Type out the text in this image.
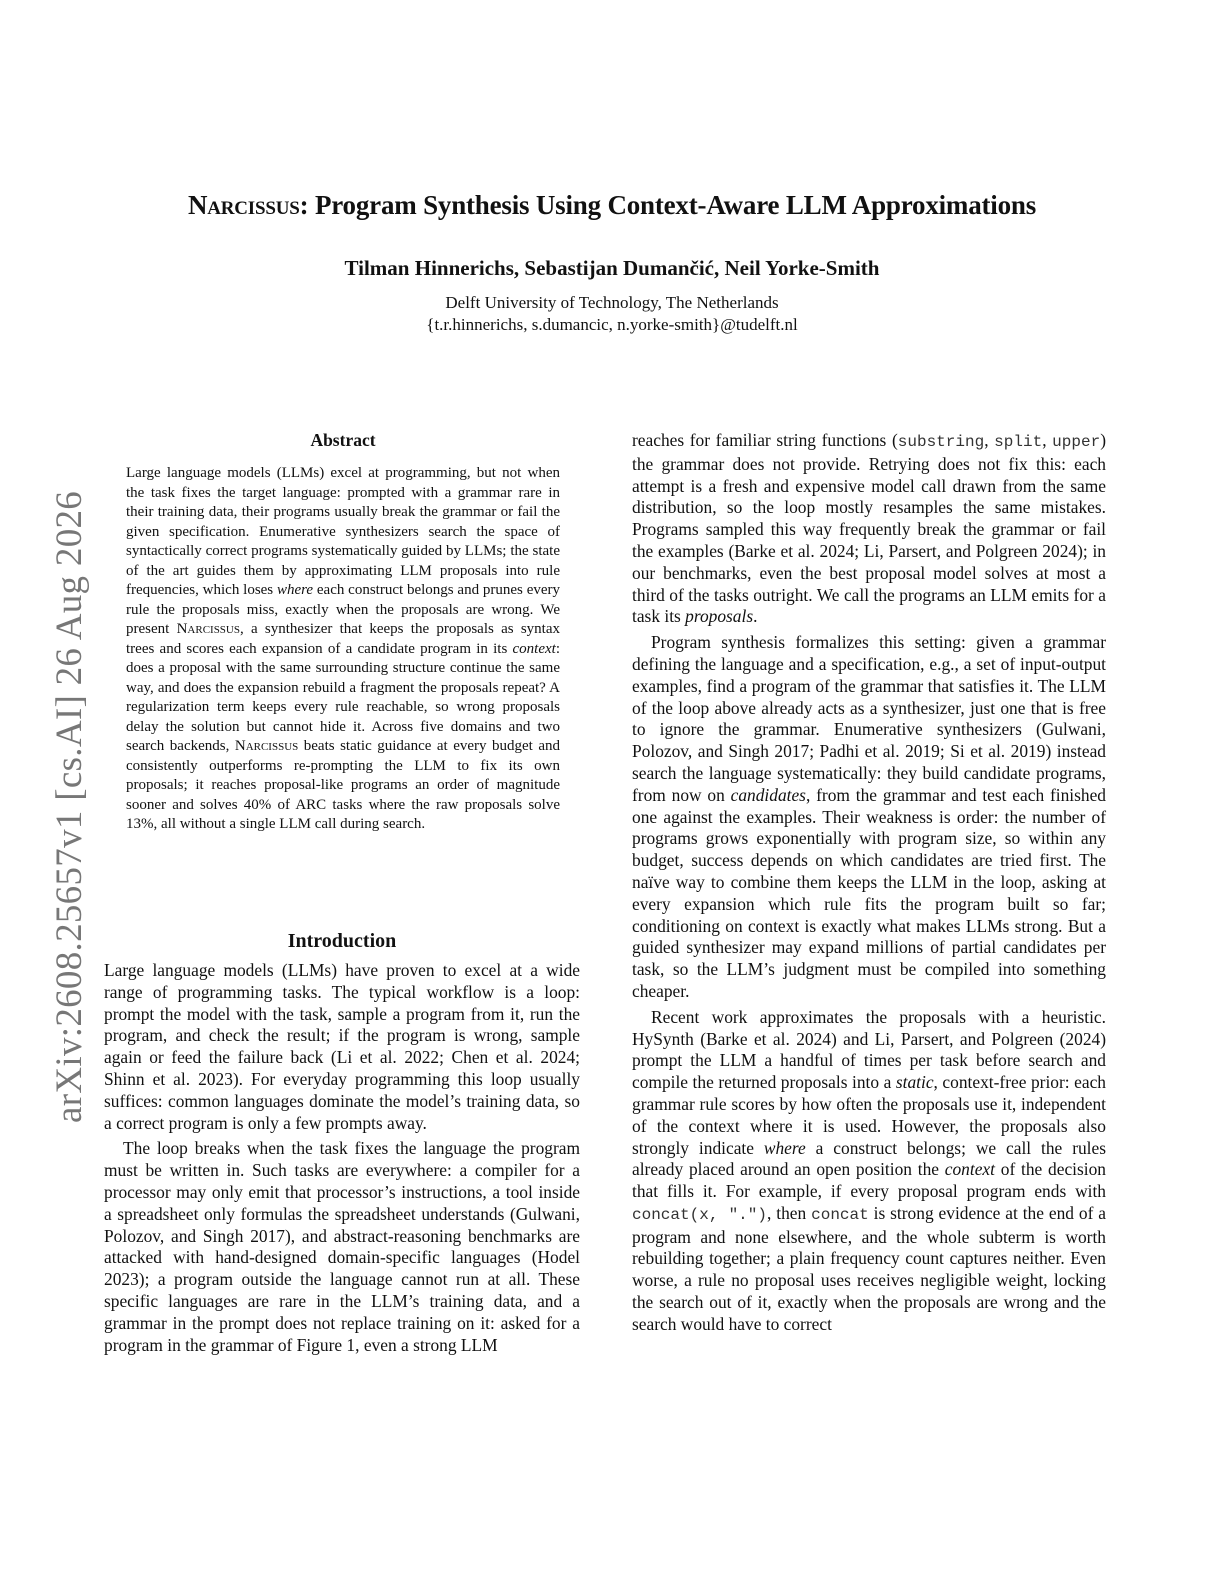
arXiv:2608.25657v1 [cs.AI] 26 Aug 2026
Narcissus: Program Synthesis Using Context-Aware LLM Approximations
Tilman Hinnerichs, Sebastijan Dumančić, Neil Yorke-Smith
Delft University of Technology, The Netherlands
{t.r.hinnerichs, s.dumancic, n.yorke-smith}@tudelft.nl
Abstract

Large language models (LLMs) excel at programming, but not when the task fixes the target language: prompted with a grammar rare in their training data, their programs usually break the grammar or fail the given specification. Enumerative synthesizers search the space of syntactically correct programs systematically guided by LLMs; the state of the art guides them by approximating LLM proposals into rule frequencies, which loses where each construct belongs and prunes every rule the proposals miss, exactly when the proposals are wrong. We present Narcissus, a synthesizer that keeps the proposals as syntax trees and scores each expansion of a candidate program in its context: does a proposal with the same surrounding structure continue the same way, and does the expansion rebuild a fragment the proposals repeat? A regularization term keeps every rule reachable, so wrong proposals delay the solution but cannot hide it. Across five domains and two search backends, Narcissus beats static guidance at every budget and consistently outperforms re-prompting the LLM to fix its own proposals; it reaches proposal-like programs an order of magnitude sooner and solves 40% of ARC tasks where the raw proposals solve 13%, all without a single LLM call during search.

Introduction

Large language models (LLMs) have proven to excel at a wide range of programming tasks. The typical workflow is a loop: prompt the model with the task, sample a program from it, run the program, and check the result; if the program is wrong, sample again or feed the failure back (Li et al. 2022; Chen et al. 2024; Shinn et al. 2023). For everyday programming this loop usually suffices: common languages dominate the model’s training data, so a correct program is only a few prompts away.

The loop breaks when the task fixes the language the program must be written in. Such tasks are everywhere: a compiler for a processor may only emit that processor’s instructions, a tool inside a spreadsheet only formulas the spreadsheet understands (Gulwani, Polozov, and Singh 2017), and abstract-reasoning benchmarks are attacked with hand-designed domain-specific languages (Hodel 2023); a program outside the language cannot run at all. These specific languages are rare in the LLM’s training data, and a grammar in the prompt does not replace training on it: asked for a program in the grammar of Figure 1, even a strong LLM

reaches for familiar string functions (substring, split, upper) the grammar does not provide. Retrying does not fix this: each attempt is a fresh and expensive model call drawn from the same distribution, so the loop mostly resamples the same mistakes. Programs sampled this way frequently break the grammar or fail the examples (Barke et al. 2024; Li, Parsert, and Polgreen 2024); in our benchmarks, even the best proposal model solves at most a third of the tasks outright. We call the programs an LLM emits for a task its proposals.

Program synthesis formalizes this setting: given a grammar defining the language and a specification, e.g., a set of input-output examples, find a program of the grammar that satisfies it. The LLM of the loop above already acts as a synthesizer, just one that is free to ignore the grammar. Enumerative synthesizers (Gulwani, Polozov, and Singh 2017; Padhi et al. 2019; Si et al. 2019) instead search the language systematically: they build candidate programs, from now on candidates, from the grammar and test each finished one against the examples. Their weakness is order: the number of programs grows exponentially with program size, so within any budget, success depends on which candidates are tried first. The naïve way to combine them keeps the LLM in the loop, asking at every expansion which rule fits the program built so far; conditioning on context is exactly what makes LLMs strong. But a guided synthesizer may expand millions of partial candidates per task, so the LLM’s judgment must be compiled into something cheaper.

Recent work approximates the proposals with a heuristic. HySynth (Barke et al. 2024) and Li, Parsert, and Polgreen (2024) prompt the LLM a handful of times per task before search and compile the returned proposals into a static, context-free prior: each grammar rule scores by how often the proposals use it, independent of the context where it is used. However, the proposals also strongly indicate where a construct belongs; we call the rules already placed around an open position the context of the decision that fills it. For example, if every proposal program ends with concat(x, "."), then concat is strong evidence at the end of a program and none elsewhere, and the whole subterm is worth rebuilding together; a plain frequency count captures neither. Even worse, a rule no proposal uses receives negligible weight, locking the search out of it, exactly when the proposals are wrong and the search would have to correct
